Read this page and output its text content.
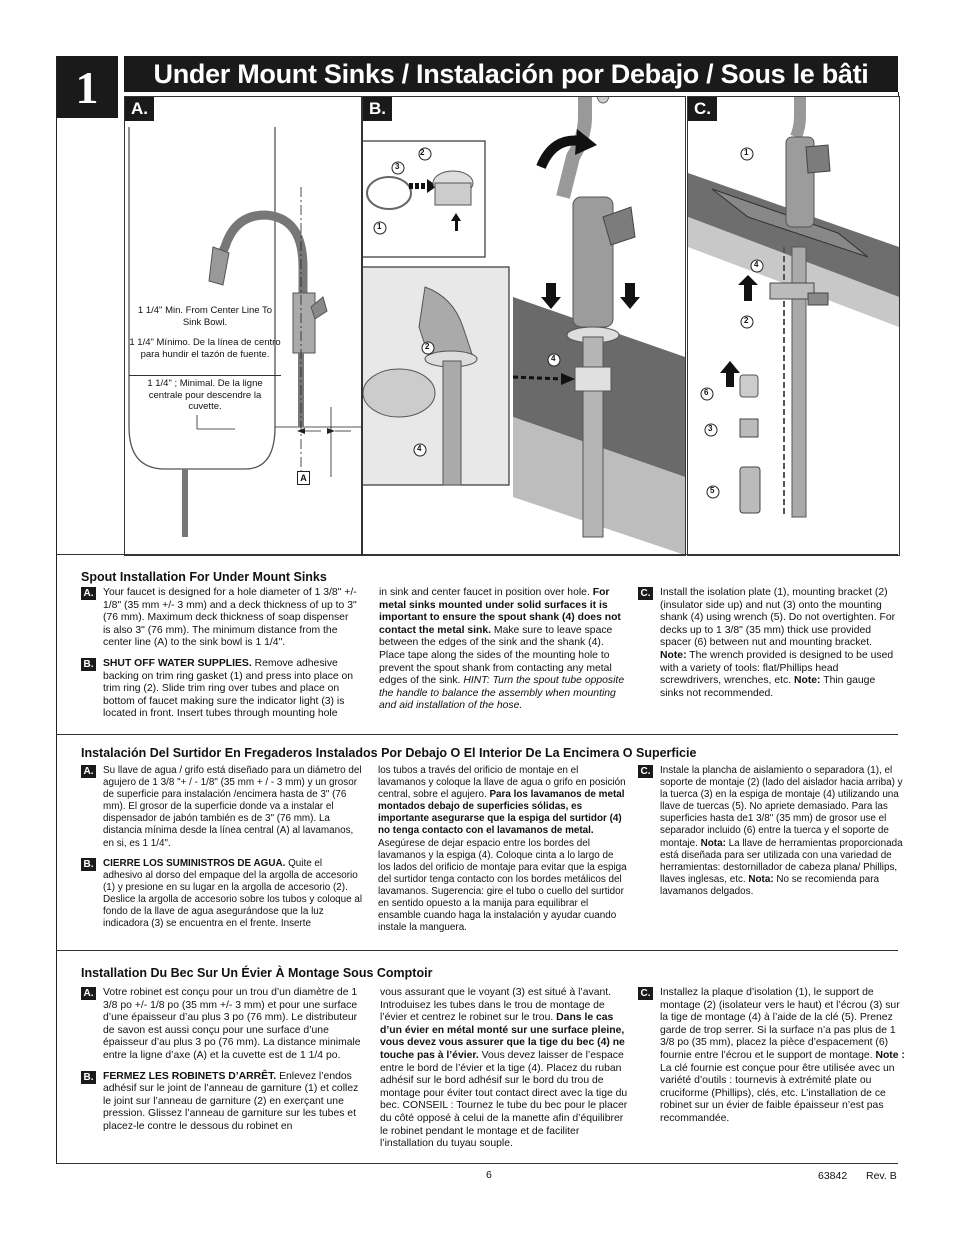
1	Under Mount Sinks / Instalación por Debajo / Sous le bâti
A.
1 1/4" Min. From Center Line To Sink Bowl.
1 1/4" Mínimo. De la línea de centro para hundir el tazón de fuente.
1 1/4" ; Minimal. De la ligne centrale pour descendre la cuvette.
A
B.
2
3
1
2
4
4
C.
1
4
2
6
3
5
Spout Installation For Under Mount Sinks
A. Your faucet is designed for a hole diameter of 1 3/8" +/- 1/8" (35 mm +/- 3 mm) and a deck thickness of up to 3" (76 mm). Maximum deck thickness of soap dispenser is also 3" (76 mm). The minimum distance from the center line (A) to the sink bowl is 1 1/4".
B. SHUT OFF WATER SUPPLIES. Remove adhesive backing on trim ring gasket (1) and press into place on trim ring (2). Slide trim ring over tubes and place on bottom of faucet making sure the indicator light (3) is located in front. Insert tubes through mounting hole
in sink and center faucet in position over hole. For metal sinks mounted under solid surfaces it is important to ensure the spout shank (4) does not contact the metal sink. Make sure to leave space between the edges of the sink and the shank (4). Place tape along the sides of the mounting hole to prevent the spout shank from contacting any metal edges of the sink. HINT: Turn the spout tube opposite the handle to balance the assembly when mounting and aid installation of the hose.
C. Install the isolation plate (1), mounting bracket (2) (insulator side up) and nut (3) onto the mounting shank (4) using wrench (5). Do not overtighten. For decks up to 1 3/8" (35 mm) thick use provided spacer (6) between nut and mounting bracket. Note: The wrench provided is designed to be used with a variety of tools: flat/Phillips head screwdrivers, wrenches, etc. Note: Thin gauge sinks not recommended.
Instalación Del Surtidor En Fregaderos Instalados Por Debajo O El Interior De La Encimera O Superficie
A. Su llave de agua / grifo está diseñado para un diámetro del agujero de 1 3/8 "+ / - 1/8" (35 mm + / - 3 mm) y un grosor de superficie para instalación /encimera hasta de 3" (76 mm). El grosor de la superficie donde va a instalar el dispensador de jabón también es de 3" (76 mm). La distancia mínima desde la línea central (A) al lavamanos, en si, es 1 1/4".
B. CIERRE LOS SUMINISTROS DE AGUA. Quite el adhesivo al dorso del empaque del la argolla de accesorio (1) y presione en su lugar en la argolla de accesorio (2). Deslice la argolla de accesorio sobre los tubos y coloque al fondo de la llave de agua asegurándose que la luz indicadora (3) se encuentra en el frente. Inserte
los tubos a través del orificio de montaje en el lavamanos y coloque la llave de agua o grifo en posición central, sobre el agujero. Para los lavamanos de metal montados debajo de superficies sólidas, es importante asegurarse que la espiga del surtidor (4) no tenga contacto con el lavamanos de metal. Asegúrese de dejar espacio entre los bordes del lavamanos y la espiga (4). Coloque cinta a lo largo de los lados del orificio de montaje para evitar que la espiga del surtidor tenga contacto con los bordes metálicos del lavamanos. Sugerencia: gire el tubo o cuello del surtidor en sentido opuesto a la manija para equilibrar el ensamble cuando haga la instalación y ayudar cuando instale la manguera.
C. Instale la plancha de aislamiento o separadora (1), el soporte de montaje (2) (lado del aislador hacia arriba) y la tuerca (3) en la espiga de montaje (4) utilizando una llave de tuercas (5). No apriete demasiado. Para las superficies hasta de1 3/8" (35 mm) de grosor use el separador incluido (6) entre la tuerca y el soporte de montaje. Nota: La llave de herramientas proporcionada está diseñada para ser utilizada con una variedad de herramientas: destornillador de cabeza plana/ Phillips, llaves inglesas, etc. Nota: No se recomienda para lavamanos delgados.
Installation Du Bec Sur Un Évier À Montage Sous Comptoir
A. Votre robinet est conçu pour un trou d’un diamètre de 1 3/8 po +/- 1/8 po (35 mm +/- 3 mm) et pour une surface d’une épaisseur d’au plus 3 po (76 mm). Le distributeur de savon est aussi conçu pour une surface d’une épaisseur d’au plus 3 po (76 mm). La distance minimale entre la ligne d’axe (A) et la cuvette est de 1 1/4 po.
B. FERMEZ LES ROBINETS D’ARRÊT. Enlevez l’endos adhésif sur le joint de l’anneau de garniture (1) et collez le joint sur l’anneau de garniture (2) en exerçant une pression. Glissez l’anneau de garniture sur les tubes et placez-le contre le dessous du robinet en
vous assurant que le voyant (3) est situé à l’avant. Introduisez les tubes dans le trou de montage de l’évier et centrez le robinet sur le trou. Dans le cas d’un évier en métal monté sur une surface pleine, vous devez vous assurer que la tige du bec (4) ne touche pas à l’évier. Vous devez laisser de l’espace entre le bord de l’évier et la tige (4). Placez du ruban adhésif sur le bord adhésif sur le bord du trou de montage pour éviter tout contact direct avec la tige du bec. CONSEIL : Tournez le tube du bec pour le placer du côté opposé à celui de la manette afin d’équilibrer le robinet pendant le montage et de faciliter l’installation du tuyau souple.
C. Installez la plaque d’isolation (1), le support de montage (2) (isolateur vers le haut) et l’écrou (3) sur la tige de montage (4) à l’aide de la clé (5). Prenez garde de trop serrer. Si la surface n’a pas plus de 1 3/8 po (35 mm), placez la pièce d’espacement (6) fournie entre l’écrou et le support de montage. Note : La clé fournie est conçue pour être utilisée avec un variété d’outils : tournevis à extrémité plate ou cruciforme (Phillips), clés, etc. L’installation de ce robinet sur un évier de faible épaisseur n’est pas recommandée.
6	63842 Rev. B
